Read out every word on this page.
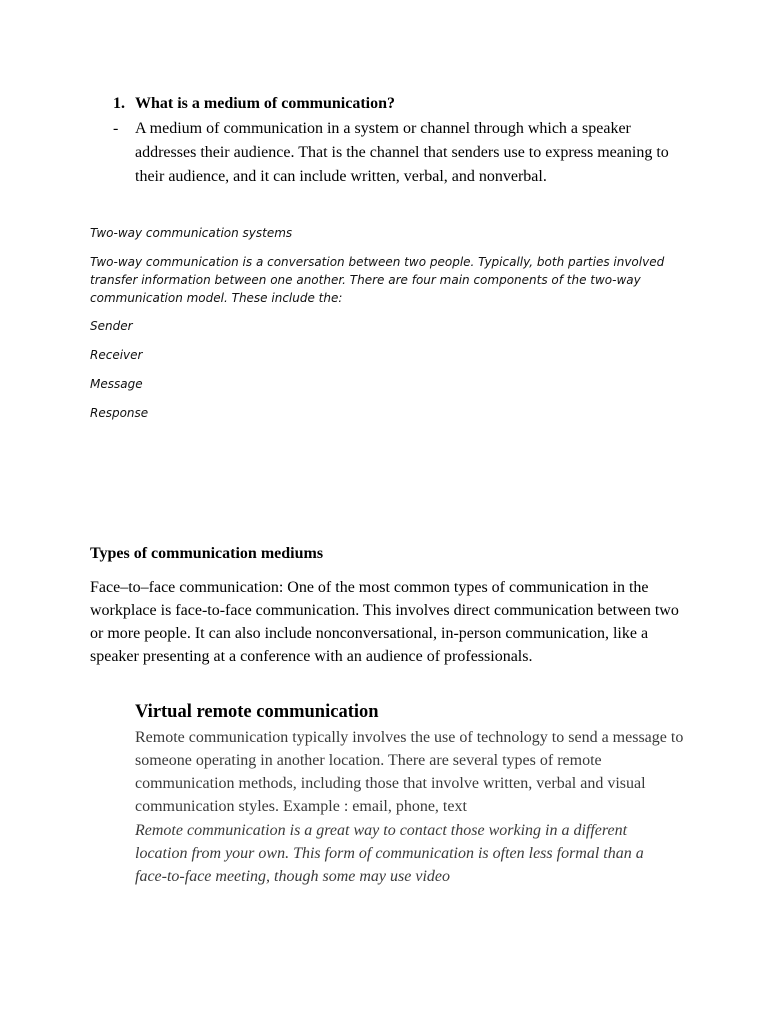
1. What is a medium of communication?
- A medium of communication in a system or channel through which a speaker addresses their audience. That is the channel that senders use to express meaning to their audience, and it can include written, verbal, and nonverbal.
Two-way communication systems
Two-way communication is a conversation between two people. Typically, both parties involved transfer information between one another. There are four main components of the two-way communication model. These include the:
Sender
Receiver
Message
Response
Types of communication mediums
Face–to–face communication: One of the most common types of communication in the workplace is face-to-face communication. This involves direct communication between two or more people. It can also include nonconversational, in-person communication, like a speaker presenting at a conference with an audience of professionals.
Virtual remote communication
Remote communication typically involves the use of technology to send a message to someone operating in another location. There are several types of remote communication methods, including those that involve written, verbal and visual communication styles. Example : email, phone, text
Remote communication is a great way to contact those working in a different location from your own. This form of communication is often less formal than a face-to-face meeting, though some may use video
